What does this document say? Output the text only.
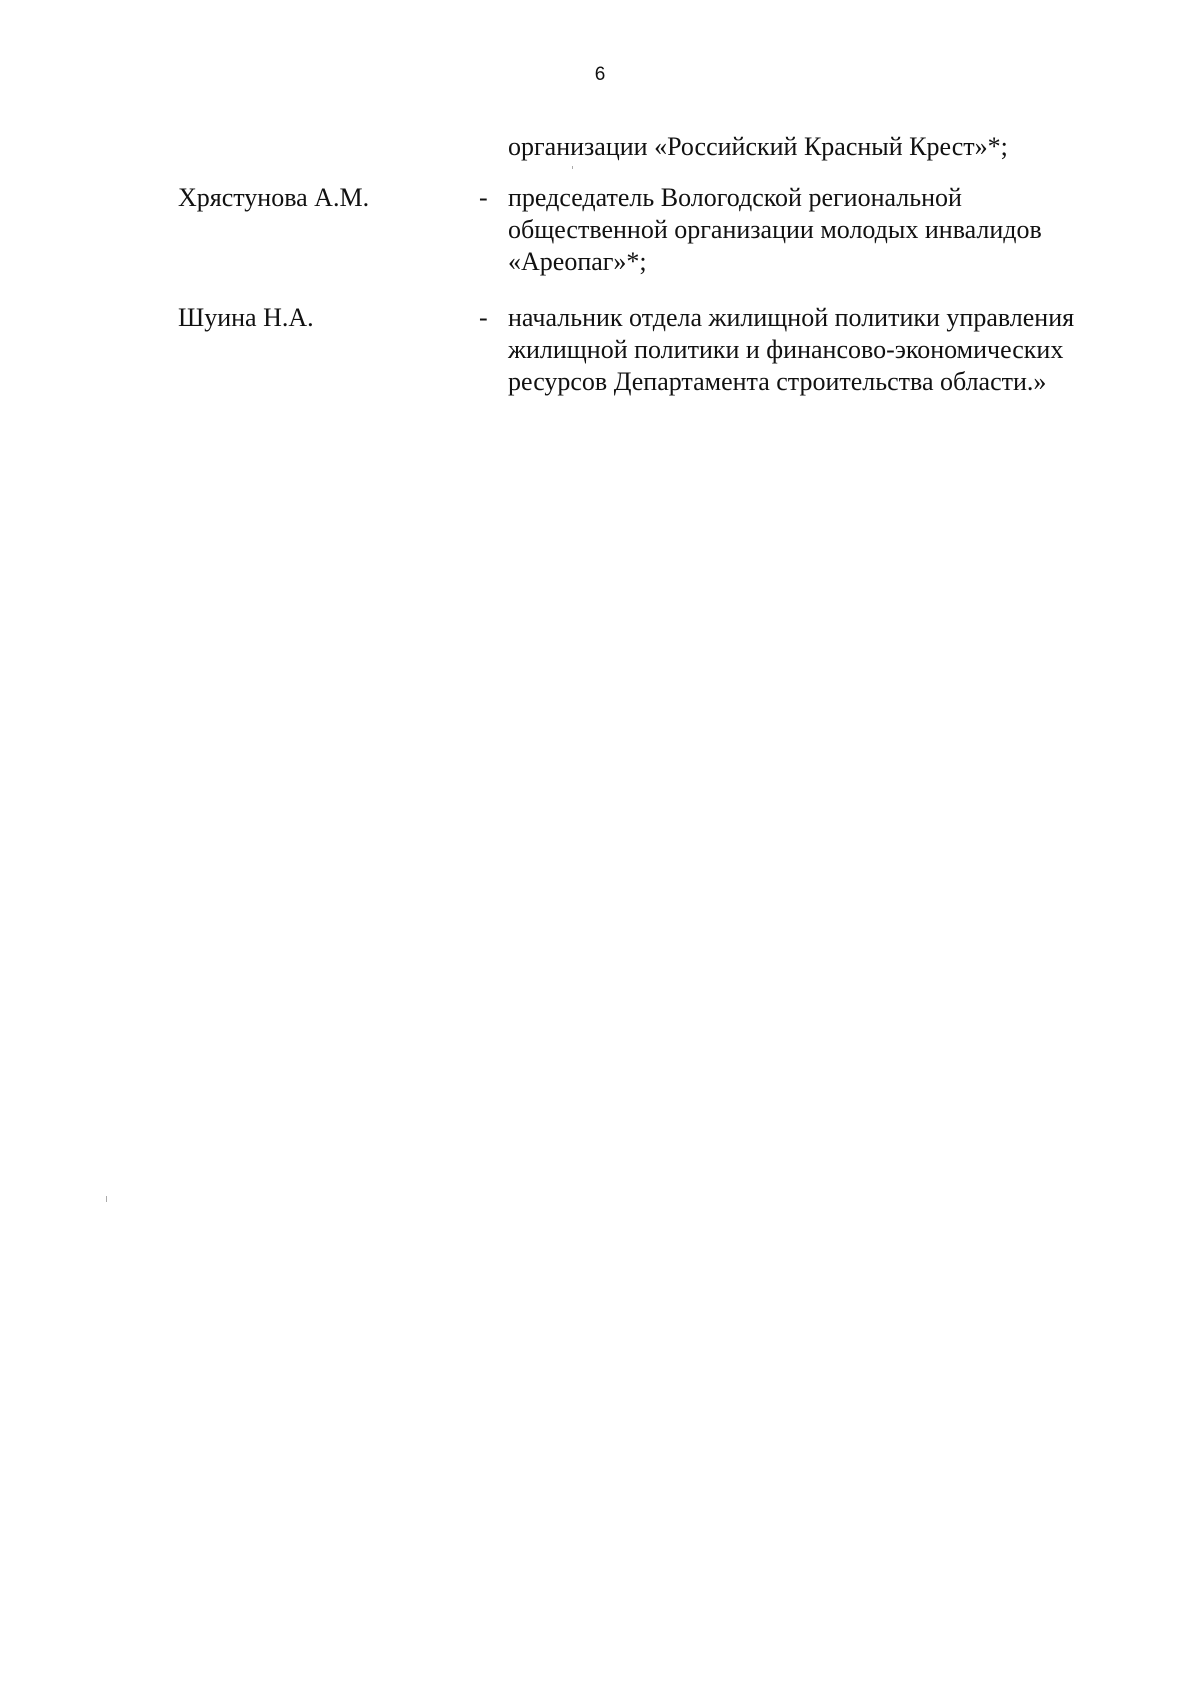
6
организации «Российский Красный Крест»*;
Хрястунова А.М.	- председатель Вологодской региональной
общественной организации молодых инвалидов
«Ареопаг»*;
Шуина Н.А.	- начальник отдела жилищной политики управления
жилищной политики и финансово-экономических
ресурсов Департамента строительства области.»
